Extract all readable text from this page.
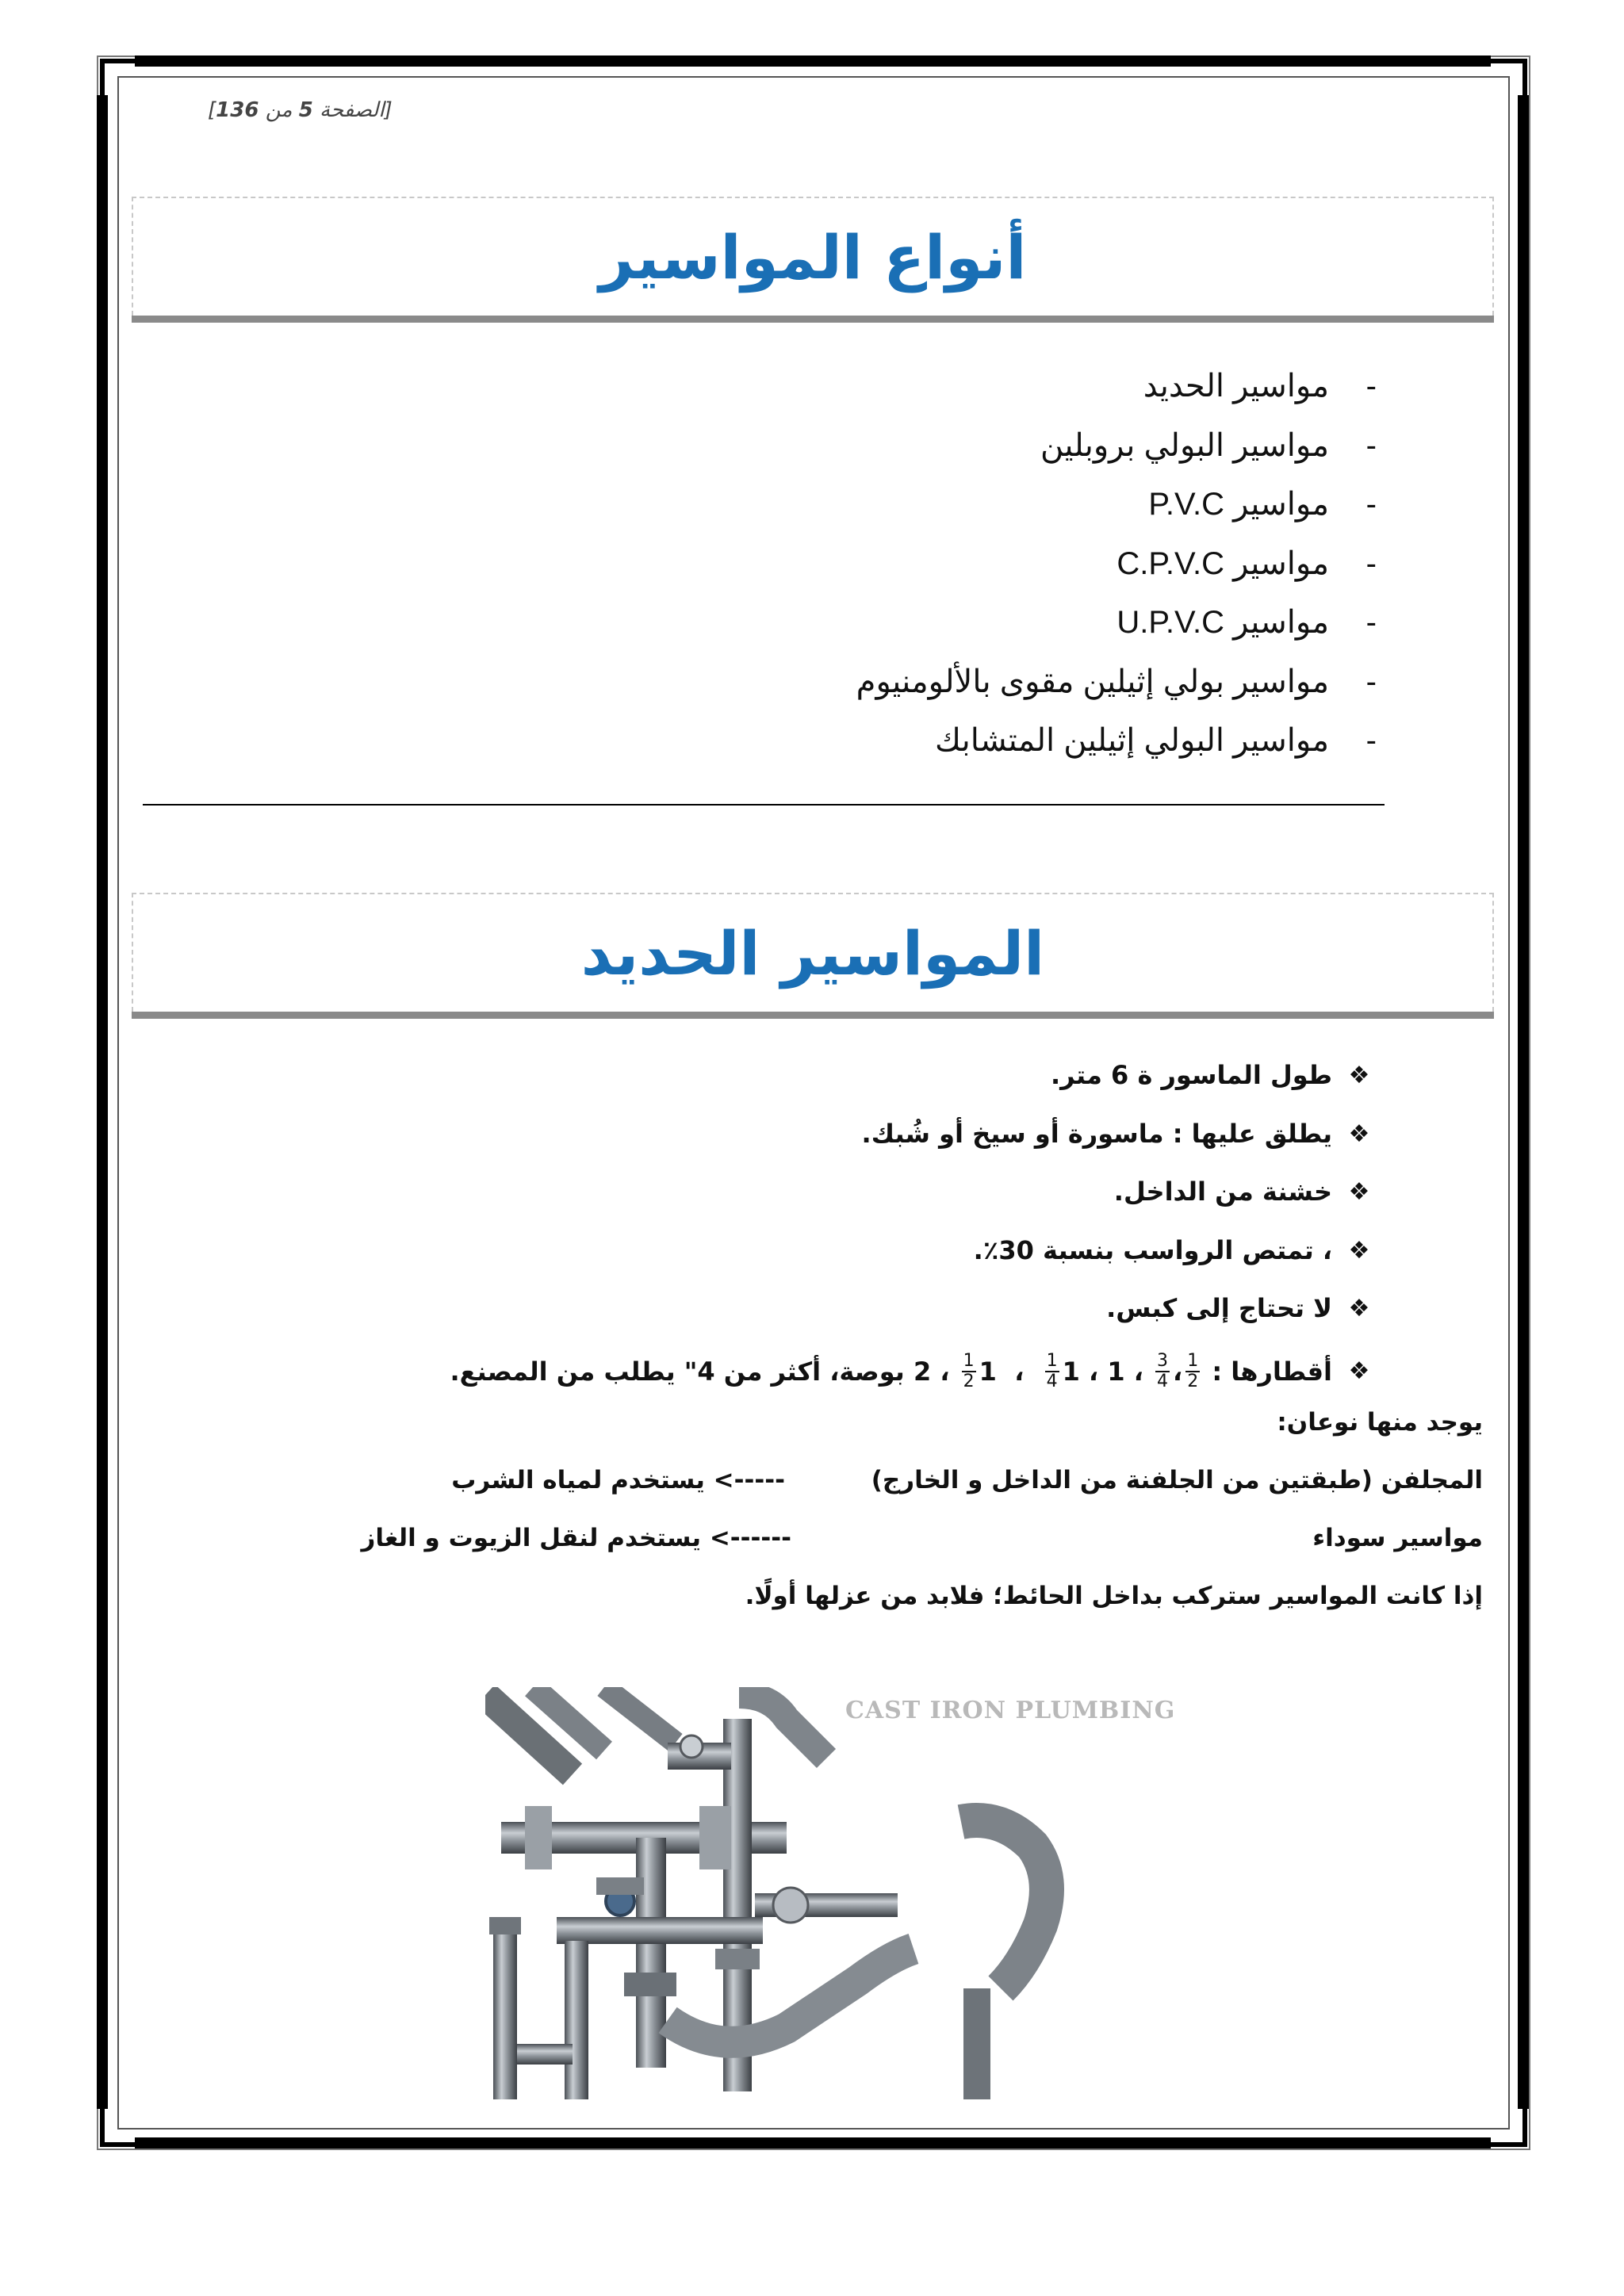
[الصفحة 5 من 136]
أنواع المواسير
-
مواسير الحديد
-
مواسير البولي بروبلين
-
مواسير P.V.C
-
مواسير C.P.V.C
-
مواسير U.P.V.C
-
مواسير بولي إثيلين مقوى بالألومنيوم
-
مواسير البولي إثيلين المتشابك
المواسير الحديد
❖
طول الماسور ة 6 متر.
❖
يطلق عليها : ماسورة أو سيخ أو شُبك.
❖
خشنة من الداخل.
❖
، تمتص الرواسب بنسبة 30٪.
❖
لا تحتاج إلى كبس.
❖
أقطارها :

$\frac{1}{2}$
،
$\frac{3}{4}$
،
1
،
1
$\frac{1}{4}$
،
1
$\frac{1}{2}$
،
2

بوصة، أكثر من 4" يطلب من المصنع.
يوجد منها نوعان:
المجلفن (طبقتين من الجلفنة من الداخل و الخارج)
-----> يستخدم لمياه الشرب
مواسير سوداء
------> يستخدم لنقل الزيوت و الغاز
إذا كانت المواسير ستركب بداخل الحائط؛ فلابد من عزلها أولًا.
CAST IRON PLUMBING
